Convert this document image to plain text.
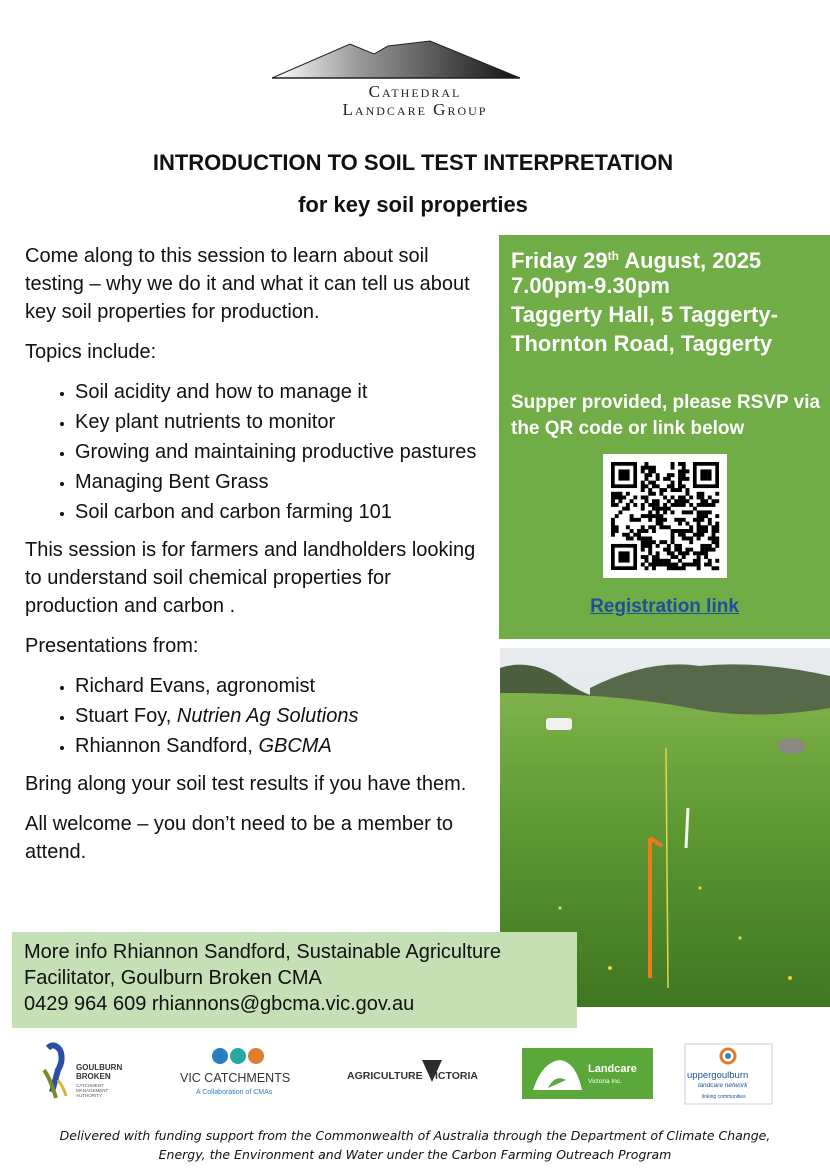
Cathedral
Landcare Group
INTRODUCTION TO SOIL TEST INTERPRETATION
for key soil properties

Come along to this session to learn about soil testing – why we do it and what it can tell us about key soil properties for production.

Topics include:

• Soil acidity and how to manage it
• Key plant nutrients to monitor
• Growing and maintaining productive pastures
• Managing Bent Grass
• Soil carbon and carbon farming 101

This session is for farmers and landholders looking to understand soil chemical properties for production and carbon .

Presentations from:

• Richard Evans, agronomist
• Stuart Foy, Nutrien Ag Solutions
• Rhiannon Sandford, GBCMA

Bring along your soil test results if you have them.

All welcome – you don’t need to be a member to attend.

Friday 29th August, 2025
7.00pm-9.30pm
Taggerty Hall, 5 Taggerty-Thornton Road, Taggerty
Supper provided, please RSVP via the QR code or link below
Registration link
More info Rhiannon Sandford, Sustainable Agriculture
Facilitator, Goulburn Broken CMA
0429 964 609 rhiannons@gbcma.vic.gov.au
GOULBURN
BROKEN
CATCHMENT
MANAGEMENT
AUTHORITY
VIC CATCHMENTS
A Collaboration of CMAs
AGRICULTURE VICTORIA
Landcare
Victoria Inc.
uppergoulburn
landcare network
linking communities
Delivered with funding support from the Commonwealth of Australia through the Department of Climate Change,
Energy, the Environment and Water under the Carbon Farming Outreach Program
